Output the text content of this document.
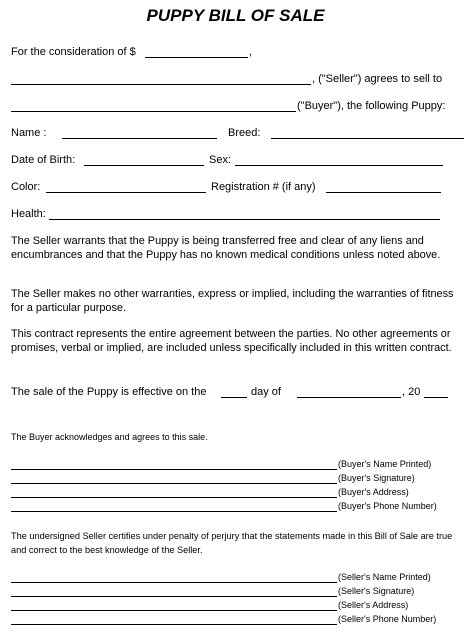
PUPPY BILL OF SALE
For the consideration of $	,
, ("Seller") agrees to sell to
("Buyer"), the following Puppy:
Name :	Breed:
Date of Birth:	Sex:
Color:	Registration # (if any)
Health:
The Seller warrants that the Puppy is being transferred free and clear of any liens and encumbrances and that the Puppy has no known medical conditions unless noted above.
The Seller makes no other warranties, express or implied, including the warranties of fitness for a particular purpose.
This contract represents the entire agreement between the parties. No other agreements or promises, verbal or implied, are included unless specifically included in this written contract.
The sale of the Puppy is effective on the	day of	, 20
The Buyer acknowledges and agrees to this sale.
(Buyer's Name Printed)
(Buyer's Signature)
(Buyer's Address)
(Buyer's Phone Number)
The undersigned Seller certifies under penalty of perjury that the statements made in this Bill of Sale are true and correct to the best knowledge of the Seller.
(Seller's Name Printed)
(Seller's Signature)
(Seller's Address)
(Seller's Phone Number)
